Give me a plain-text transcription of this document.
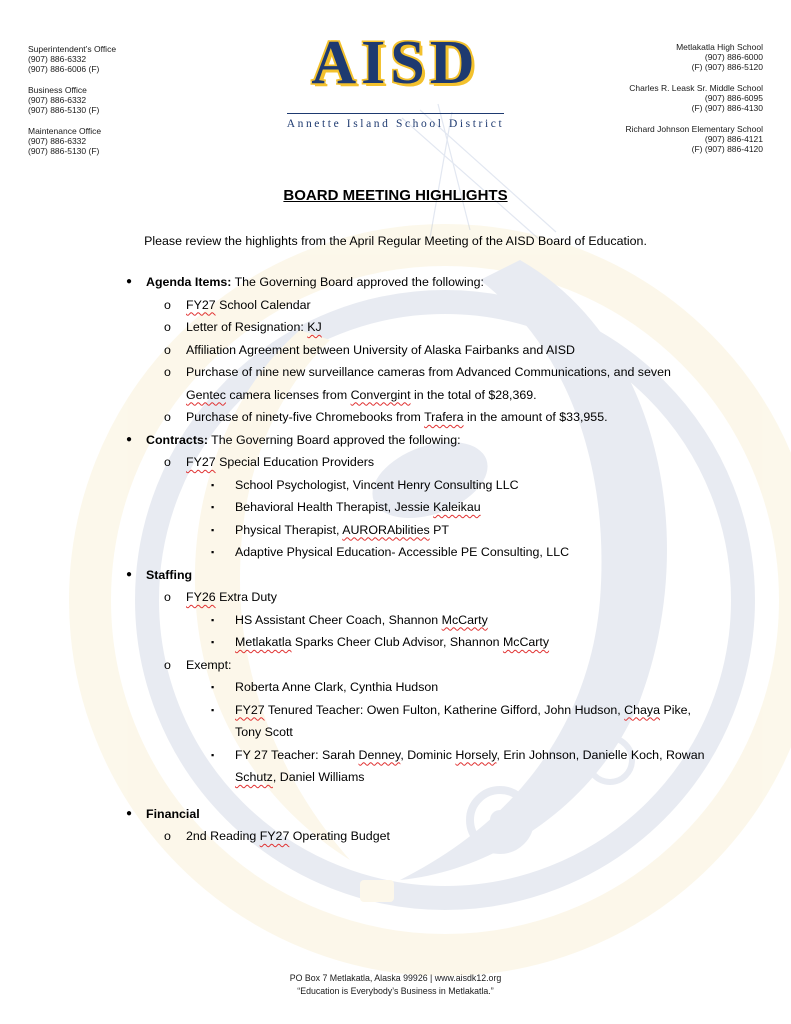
Superintendent’s Office
(907) 886-6332
(907) 886-6006 (F)
Business Office
(907) 886-6332
(907) 886-5130 (F)
Maintenance Office
(907) 886-6332
(907) 886-5130 (F)
AISD

Annette Island School District
Metlakatla High School
(907) 886-6000
(F) (907) 886-5120
Charles R. Leask Sr. Middle School
(907) 886-6095
(F) (907) 886-4130
Richard Johnson Elementary School
(907) 886-4121
(F) (907) 886-4120
BOARD MEETING HIGHLIGHTS
Please review the highlights from the April Regular Meeting of the AISD Board of Education.
● Agenda Items: The Governing Board approved the following:
o FY27 School Calendar
o Letter of Resignation: KJ
o Affiliation Agreement between University of Alaska Fairbanks and AISD
o Purchase of nine new surveillance cameras from Advanced Communications, and seven Gentec camera licenses from Convergint in the total of $28,369.
o Purchase of ninety-five Chromebooks from Trafera in the amount of $33,955.
● Contracts: The Governing Board approved the following:
o FY27 Special Education Providers
▪ School Psychologist, Vincent Henry Consulting LLC
▪ Behavioral Health Therapist, Jessie Kaleikau
▪ Physical Therapist, AURORAbilities PT
▪ Adaptive Physical Education- Accessible PE Consulting, LLC
● Staffing
o FY26 Extra Duty
▪ HS Assistant Cheer Coach, Shannon McCarty
▪ Metlakatla Sparks Cheer Club Advisor, Shannon McCarty
o Exempt:
▪ Roberta Anne Clark, Cynthia Hudson
▪ FY27 Tenured Teacher: Owen Fulton, Katherine Gifford, John Hudson, Chaya Pike, Tony Scott
▪ FY 27 Teacher: Sarah Denney, Dominic Horsely, Erin Johnson, Danielle Koch, Rowan Schutz, Daniel Williams
● Financial
o 2nd Reading FY27 Operating Budget
PO Box 7 Metlakatla, Alaska 99926 | www.aisdk12.org
“Education is Everybody’s Business in Metlakatla.”
